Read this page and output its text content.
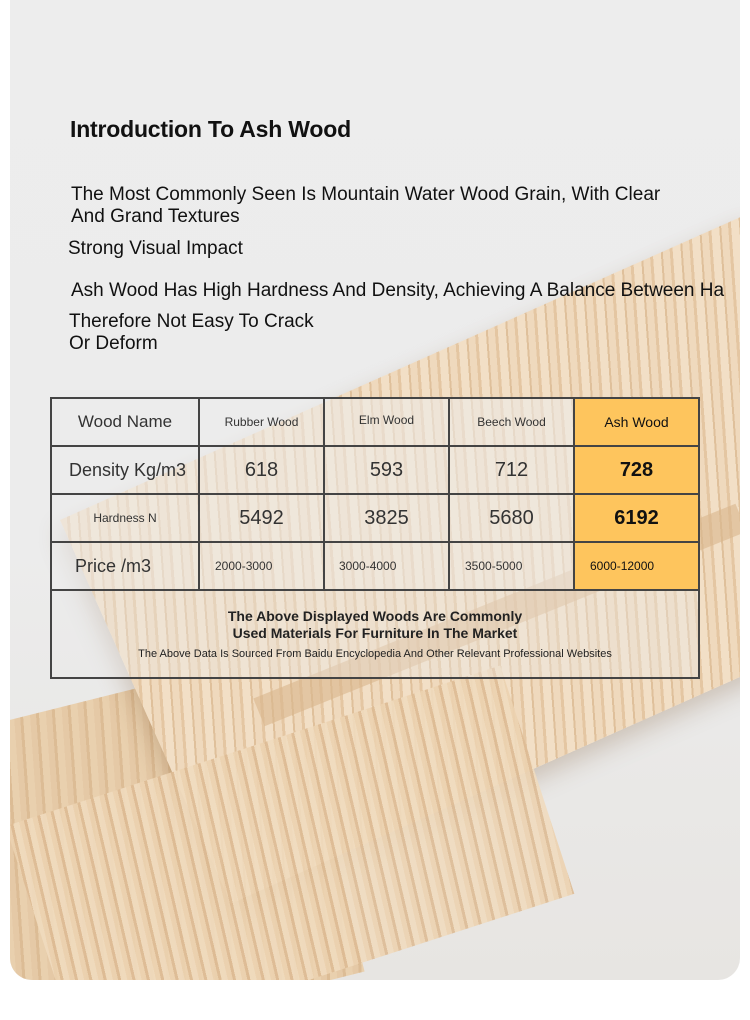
Introduction To Ash Wood
The Most Commonly Seen Is Mountain Water Wood Grain, With Clear
And Grand Textures
Strong Visual Impact
Ash Wood Has High Hardness And Density, Achieving A Balance Between Ha
Therefore Not Easy To Crack
Or Deform
Wood Name	Rubber Wood	Elm Wood	Beech Wood	Ash Wood

Density Kg/m3	618	593	712	728

Hardness N	5492	3825	5680	6192

Price /m3	2000-3000	3000-4000	3500-5000	6000-12000

The Above Displayed Woods Are Commonly
Used Materials For Furniture In The Market
The Above Data Is Sourced From Baidu Encyclopedia And Other Relevant Professional Websites				
